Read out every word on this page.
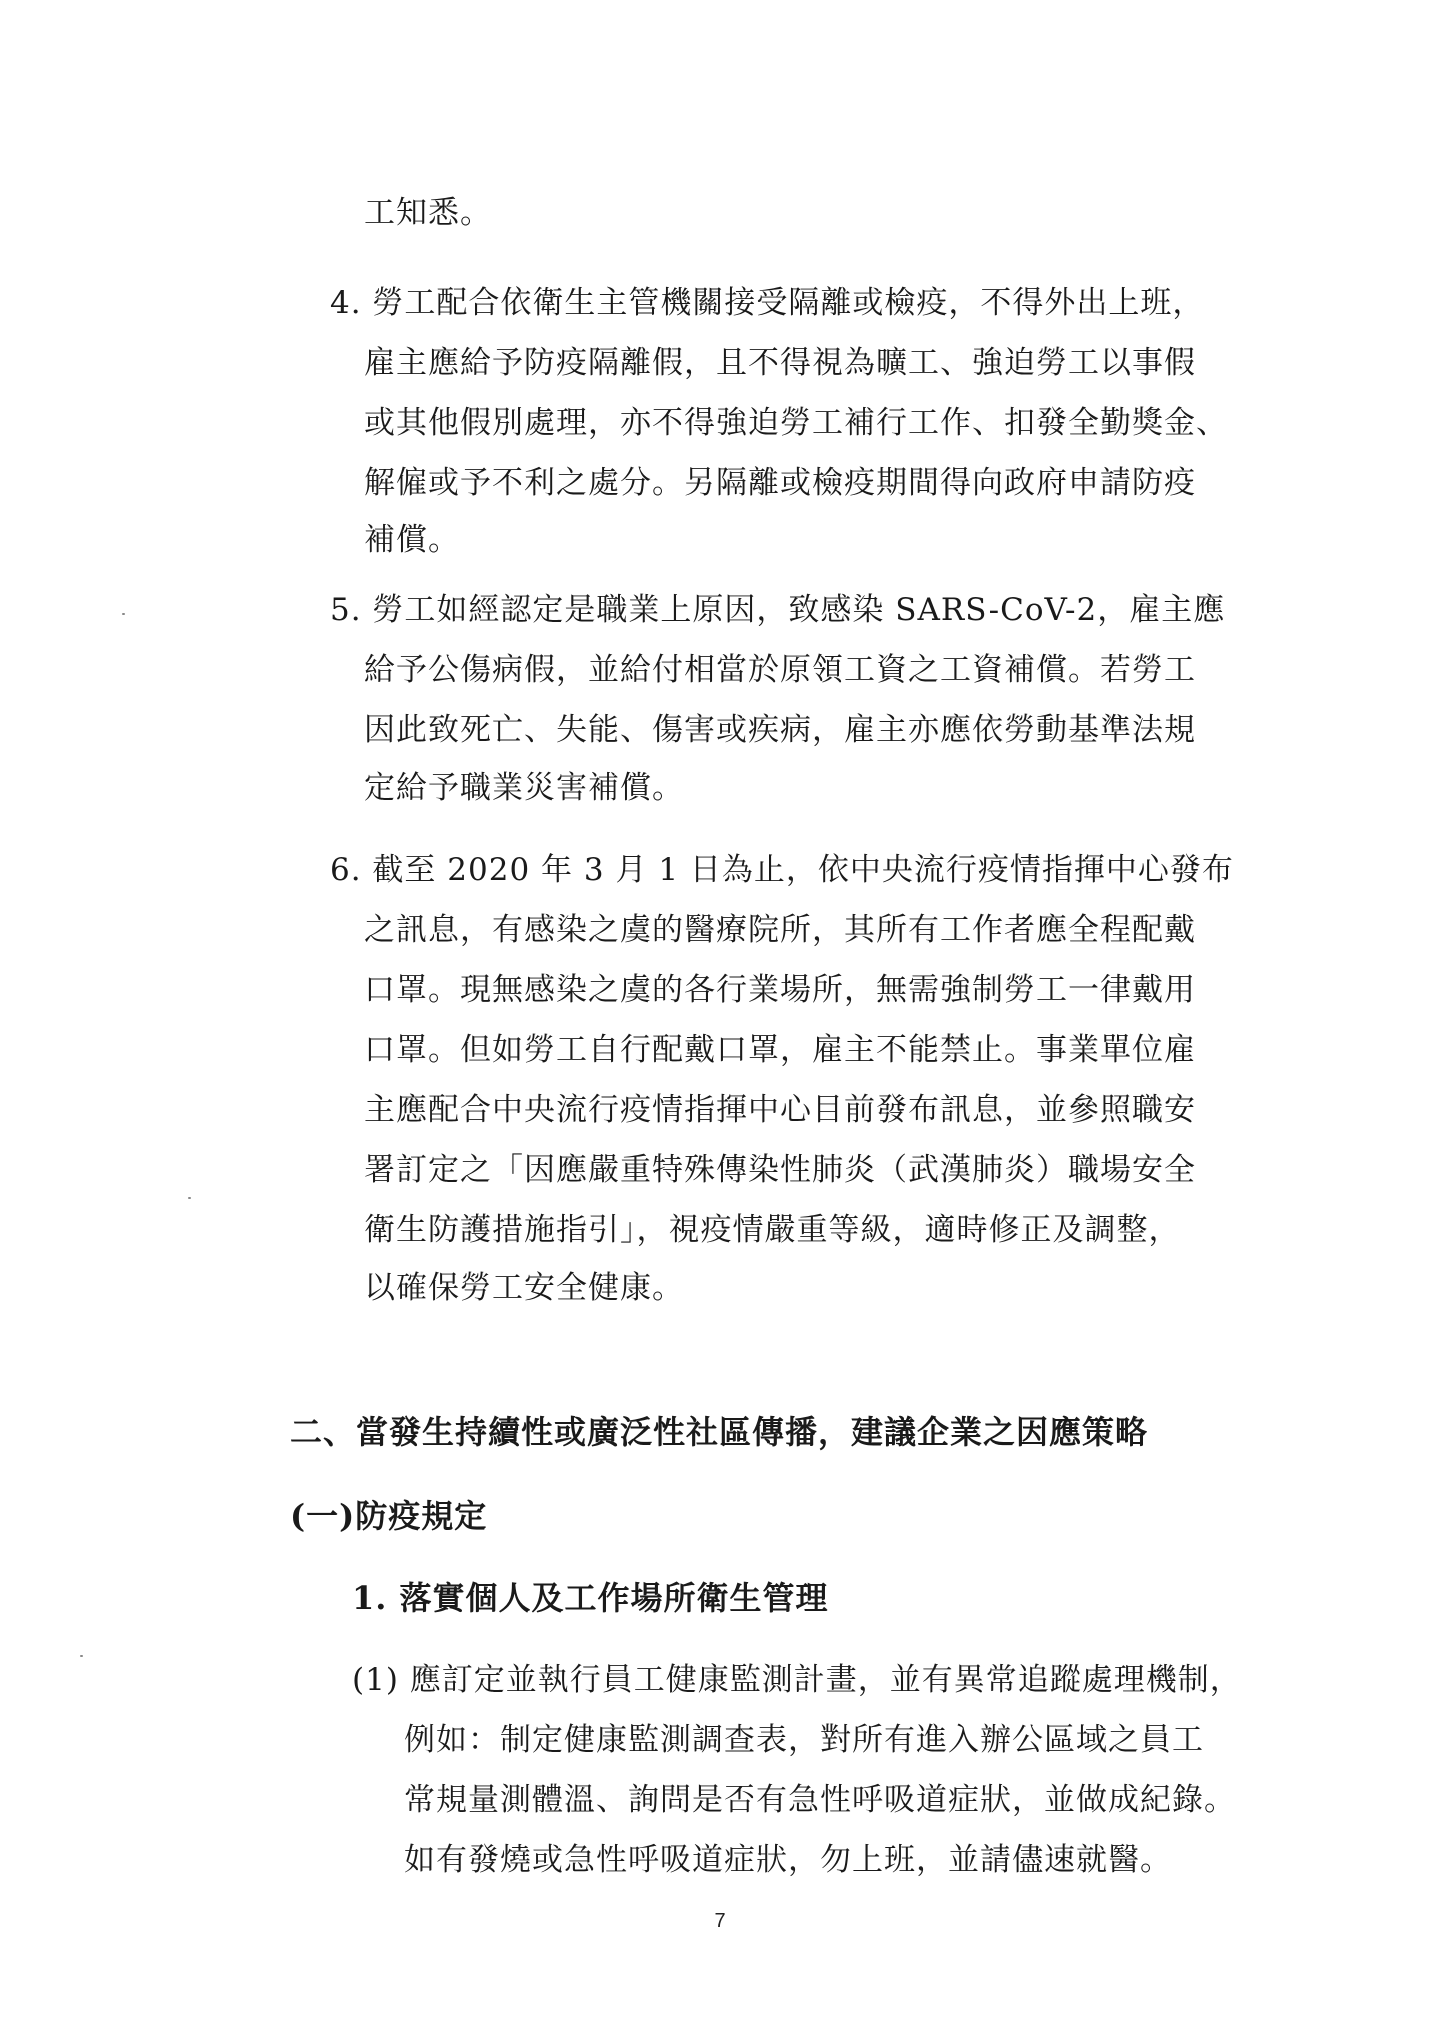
工知悉。
4. 勞工配合依衛生主管機關接受隔離或檢疫，不得外出上班，
雇主應給予防疫隔離假，且不得視為曠工、強迫勞工以事假
或其他假別處理，亦不得強迫勞工補行工作、扣發全勤獎金、
解僱或予不利之處分。另隔離或檢疫期間得向政府申請防疫
補償。
5. 勞工如經認定是職業上原因，致感染 SARS-CoV-2，雇主應
給予公傷病假，並給付相當於原領工資之工資補償。若勞工
因此致死亡、失能、傷害或疾病，雇主亦應依勞動基準法規
定給予職業災害補償。
6. 截至 2020 年 3 月 1 日為止，依中央流行疫情指揮中心發布
之訊息，有感染之虞的醫療院所，其所有工作者應全程配戴
口罩。現無感染之虞的各行業場所，無需強制勞工一律戴用
口罩。但如勞工自行配戴口罩，雇主不能禁止。事業單位雇
主應配合中央流行疫情指揮中心目前發布訊息，並參照職安
署訂定之「因應嚴重特殊傳染性肺炎（武漢肺炎）職場安全
衛生防護措施指引」，視疫情嚴重等級，適時修正及調整，
以確保勞工安全健康。
二、當發生持續性或廣泛性社區傳播，建議企業之因應策略
(一)防疫規定
1. 落實個人及工作場所衛生管理
(1) 應訂定並執行員工健康監測計畫，並有異常追蹤處理機制，
例如：制定健康監測調查表，對所有進入辦公區域之員工
常規量測體溫、詢問是否有急性呼吸道症狀，並做成紀錄。
如有發燒或急性呼吸道症狀，勿上班，並請儘速就醫。
7
